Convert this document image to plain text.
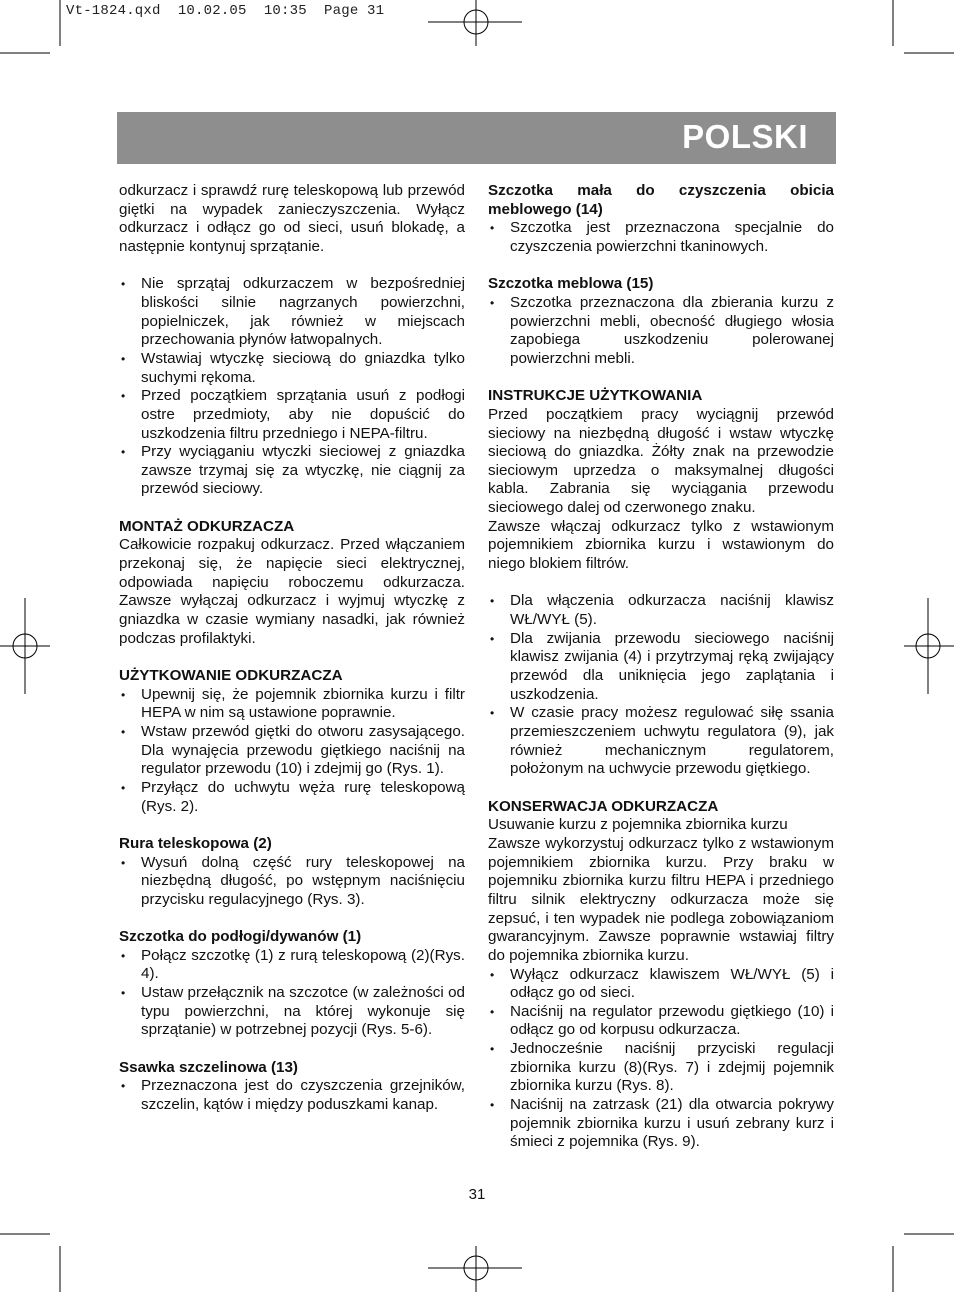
Vt-1824.qxd  10.02.05  10:35  Page 31
POLSKI

odkurzacz i sprawdź rurę teleskopową lub przewód giętki na wypadek zanieczyszczenia. Wyłącz odkurzacz i odłącz go od sieci, usuń blokadę, a następnie kontynuj sprzątanie.

• Nie sprzątaj odkurzaczem w bezpośredniej bliskości silnie nagrzanych powierzchni, popielniczek, jak również w miejscach przechowania płynów łatwopalnych.
• Wstawiaj wtyczkę sieciową do gniazdka tylko suchymi rękoma.
• Przed początkiem sprzątania usuń z podłogi ostre przedmioty, aby nie dopuścić do uszkodzenia filtru przedniego i NEPA-filtru.
• Przy wyciąganiu wtyczki sieciowej z gniazdka zawsze trzymaj się za wtyczkę, nie ciągnij za przewód sieciowy.
MONTAŻ ODKURZACZA

Całkowicie rozpakuj odkurzacz. Przed włączaniem przekonaj się, że napięcie sieci elektrycznej, odpowiada napięciu roboczemu odkurzacza. Zawsze wyłączaj odkurzacz i wyjmuj wtyczkę z gniazdka w czasie wymiany nasadki, jak również podczas profilaktyki.

UŻYTKOWANIE ODKURZACZA
• Upewnij się, że pojemnik zbiornika kurzu i filtr HEPA w nim są ustawione poprawnie.
• Wstaw przewód giętki do otworu zasysającego. Dla wynajęcia przewodu giętkiego naciśnij na regulator przewodu (10) i zdejmij go (Rys. 1).
• Przyłącz do uchwytu węża rurę teleskopową (Rys. 2).
Rura teleskopowa (2)
• Wysuń dolną część rury teleskopowej na niezbędną długość, po wstępnym naciśnięciu przycisku regulacyjnego (Rys. 3).
Szczotka do podłogi/dywanów (1)
• Połącz szczotkę (1) z rurą teleskopową (2)(Rys. 4).
• Ustaw przełącznik na szczotce (w zależności od typu powierzchni, na której wykonuje się sprzątanie) w potrzebnej pozycji (Rys. 5-6).
Ssawka szczelinowa (13)
• Przeznaczona jest do czyszczenia grzejników, szczelin, kątów i między poduszkami kanap.
Szczotka mała do czyszczenia obicia meblowego (14)
• Szczotka jest przeznaczona specjalnie do czyszczenia powierzchni tkaninowych.
Szczotka meblowa (15)
• Szczotka przeznaczona dla zbierania kurzu z powierzchni mebli, obecność długiego włosia zapobiega uszkodzeniu polerowanej powierzchni mebli.
INSTRUKCJE UŻYTKOWANIA

Przed początkiem pracy wyciągnij przewód sieciowy na niezbędną długość i wstaw wtyczkę sieciową do gniazdka. Żółty znak na przewodzie sieciowym uprzedza o maksymalnej długości kabla. Zabrania się wyciągania przewodu sieciowego dalej od czerwonego znaku.

Zawsze włączaj odkurzacz tylko z wstawionym pojemnikiem zbiornika kurzu i wstawionym do niego blokiem filtrów.

• Dla włączenia odkurzacza naciśnij klawisz WŁ/WYŁ (5).
• Dla zwijania przewodu sieciowego naciśnij klawisz zwijania (4) i przytrzymaj ręką zwijający przewód dla uniknięcia jego zaplątania i uszkodzenia.
• W czasie pracy możesz regulować siłę ssania przemieszczeniem uchwytu regulatora (9), jak również mechanicznym regulatorem, położonym na uchwycie przewodu giętkiego.
KONSERWACJA ODKURZACZA

Usuwanie kurzu z pojemnika zbiornika kurzu

Zawsze wykorzystuj odkurzacz tylko z wstawionym pojemnikiem zbiornika kurzu. Przy braku w pojemniku zbiornika kurzu filtru HEPA i przedniego filtru silnik elektryczny odkurzacza może się zepsuć, i ten wypadek nie podlega zobowiązaniom gwarancyjnym. Zawsze poprawnie wstawiaj filtry do pojemnika zbiornika kurzu.

• Wyłącz odkurzacz klawiszem WŁ/WYŁ (5) i odłącz go od sieci.
• Naciśnij na regulator przewodu giętkiego (10) i odłącz go od korpusu odkurzacza.
• Jednocześnie naciśnij przyciski regulacji zbiornika kurzu (8)(Rys. 7) i zdejmij pojemnik zbiornika kurzu (Rys. 8).
• Naciśnij na zatrzask (21) dla otwarcia pokrywy pojemnik zbiornika kurzu i usuń zebrany kurz i śmieci z pojemnika (Rys. 9).
31
